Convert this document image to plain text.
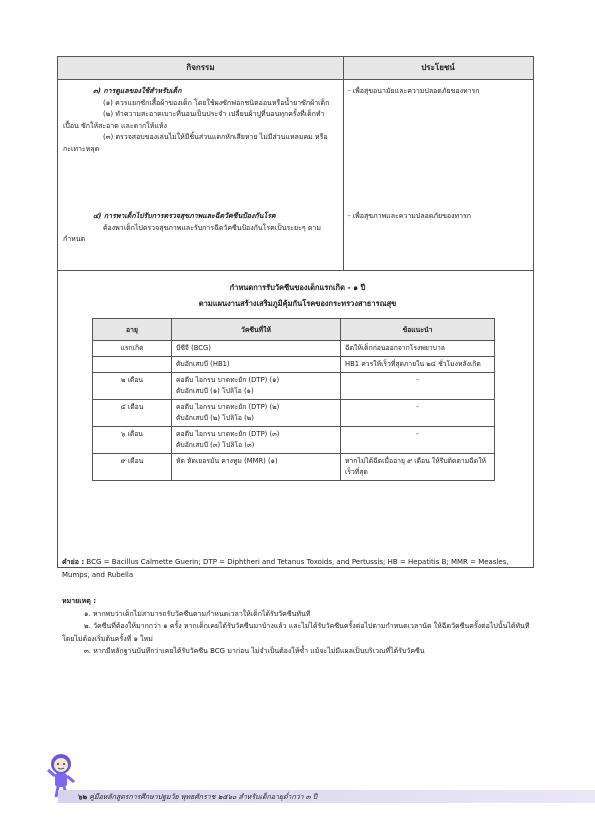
กิจกรรม	ประโยชน์
๓) การดูแลของใช้สำหรับเด็ก
(๑) ควรแยกซักเสื้อผ้าของเด็ก โดยใช้ผงซักฟอกชนิดอ่อนหรือน้ำยาซักผ้าเด็ก
(๒) ทำความสะอาดเบาะที่นอนเป็นประจำ เปลี่ยนผ้าปูที่นอนทุกครั้งที่เด็กทำเปื้อน ซักให้สะอาด และตากให้แห้ง
(๓) ตรวจสอบของเล่นไม่ให้มีชิ้นส่วนแตกหักเสียหาย ไม่มีส่วนแหลมคม หรือกะเทาะหลุด
- เพื่อสุขอนามัยและความปลอดภัยของทารก
๔) การพาเด็กไปรับการตรวจสุขภาพและฉีดวัคซีนป้องกันโรค
ต้องพาเด็กไปตรวจสุขภาพและรับการฉีดวัคซีนป้องกันโรคเป็นระยะๆ ตามกำหนด
- เพื่อสุขภาพและความปลอดภัยของทารก
กำหนดการรับวัคซีนของเด็กแรกเกิด - ๑ ปี
ตามแผนงานสร้างเสริมภูมิคุ้มกันโรคของกระทรวงสาธารณสุข
อายุ	วัคซีนที่ให้	ข้อแนะนำ
แรกเกิด	บีซีจี (BCG)	ฉีดให้เด็กก่อนออกจากโรงพยาบาล
	ตับอักเสบบี (HB1)	HB1 ควรให้เร็วที่สุดภายใน ๒๔ ชั่วโมงหลังเกิด
๒ เดือน	คอตีบ ไอกรน บาดทะยัก (DTP) (๑)
ตับอักเสบบี (๑) โปลิโอ (๑)	-
๔ เดือน	คอตีบ ไอกรน บาดทะยัก (DTP) (๒)
ตับอักเสบบี (๒) โปลิโอ (๒)	-
๖ เดือน	คอตีบ ไอกรน บาดทะยัก (DTP) (๓)
ตับอักเสบบี (๓) โปลิโอ (๓)	-
๙ เดือน	หัด หัดเยอรมัน คางทูม (MMR) (๑)	หากไม่ได้ฉีดเมื่ออายุ ๙ เดือน ให้รีบติดตามฉีดให้เร็วที่สุด
คำย่อ : BCG = Bacillus Calmette Guerin; DTP = Diphtheri and Tetanus Toxoids, and Pertussis; HB = Hepatitis B; MMR = Measles, Mumps, and Rubella
หมายเหตุ :
๑. หากพบว่าเด็กไม่สามารถรับวัคซีนตามกำหนดเวลาให้เด็กได้รับวัคซีนทันที
๒. วัคซีนที่ต้องให้มากกว่า ๑ ครั้ง หากเด็กเคยได้รับวัคซีนมาบ้างแล้ว และไม่ได้รับวัคซีนครั้งต่อไปตามกำหนดเวลานัด ให้ฉีดวัคซีนครั้งต่อไปนั้นได้ทันที โดยไม่ต้องเริ่มต้นครั้งที่ ๑ ใหม่
๓. หากมีหลักฐานบันทึกว่าเคยได้รับวัคซีน BCG มาก่อน ไม่จำเป็นต้องให้ซ้ำ แม้จะไม่มีแผลเป็นบริเวณที่ได้รับวัคซีน
๖๒ คู่มือหลักสูตรการศึกษาปฐมวัย พุทธศักราช ๒๕๖๐ สำหรับเด็กอายุต่ำกว่า ๓ ปี
